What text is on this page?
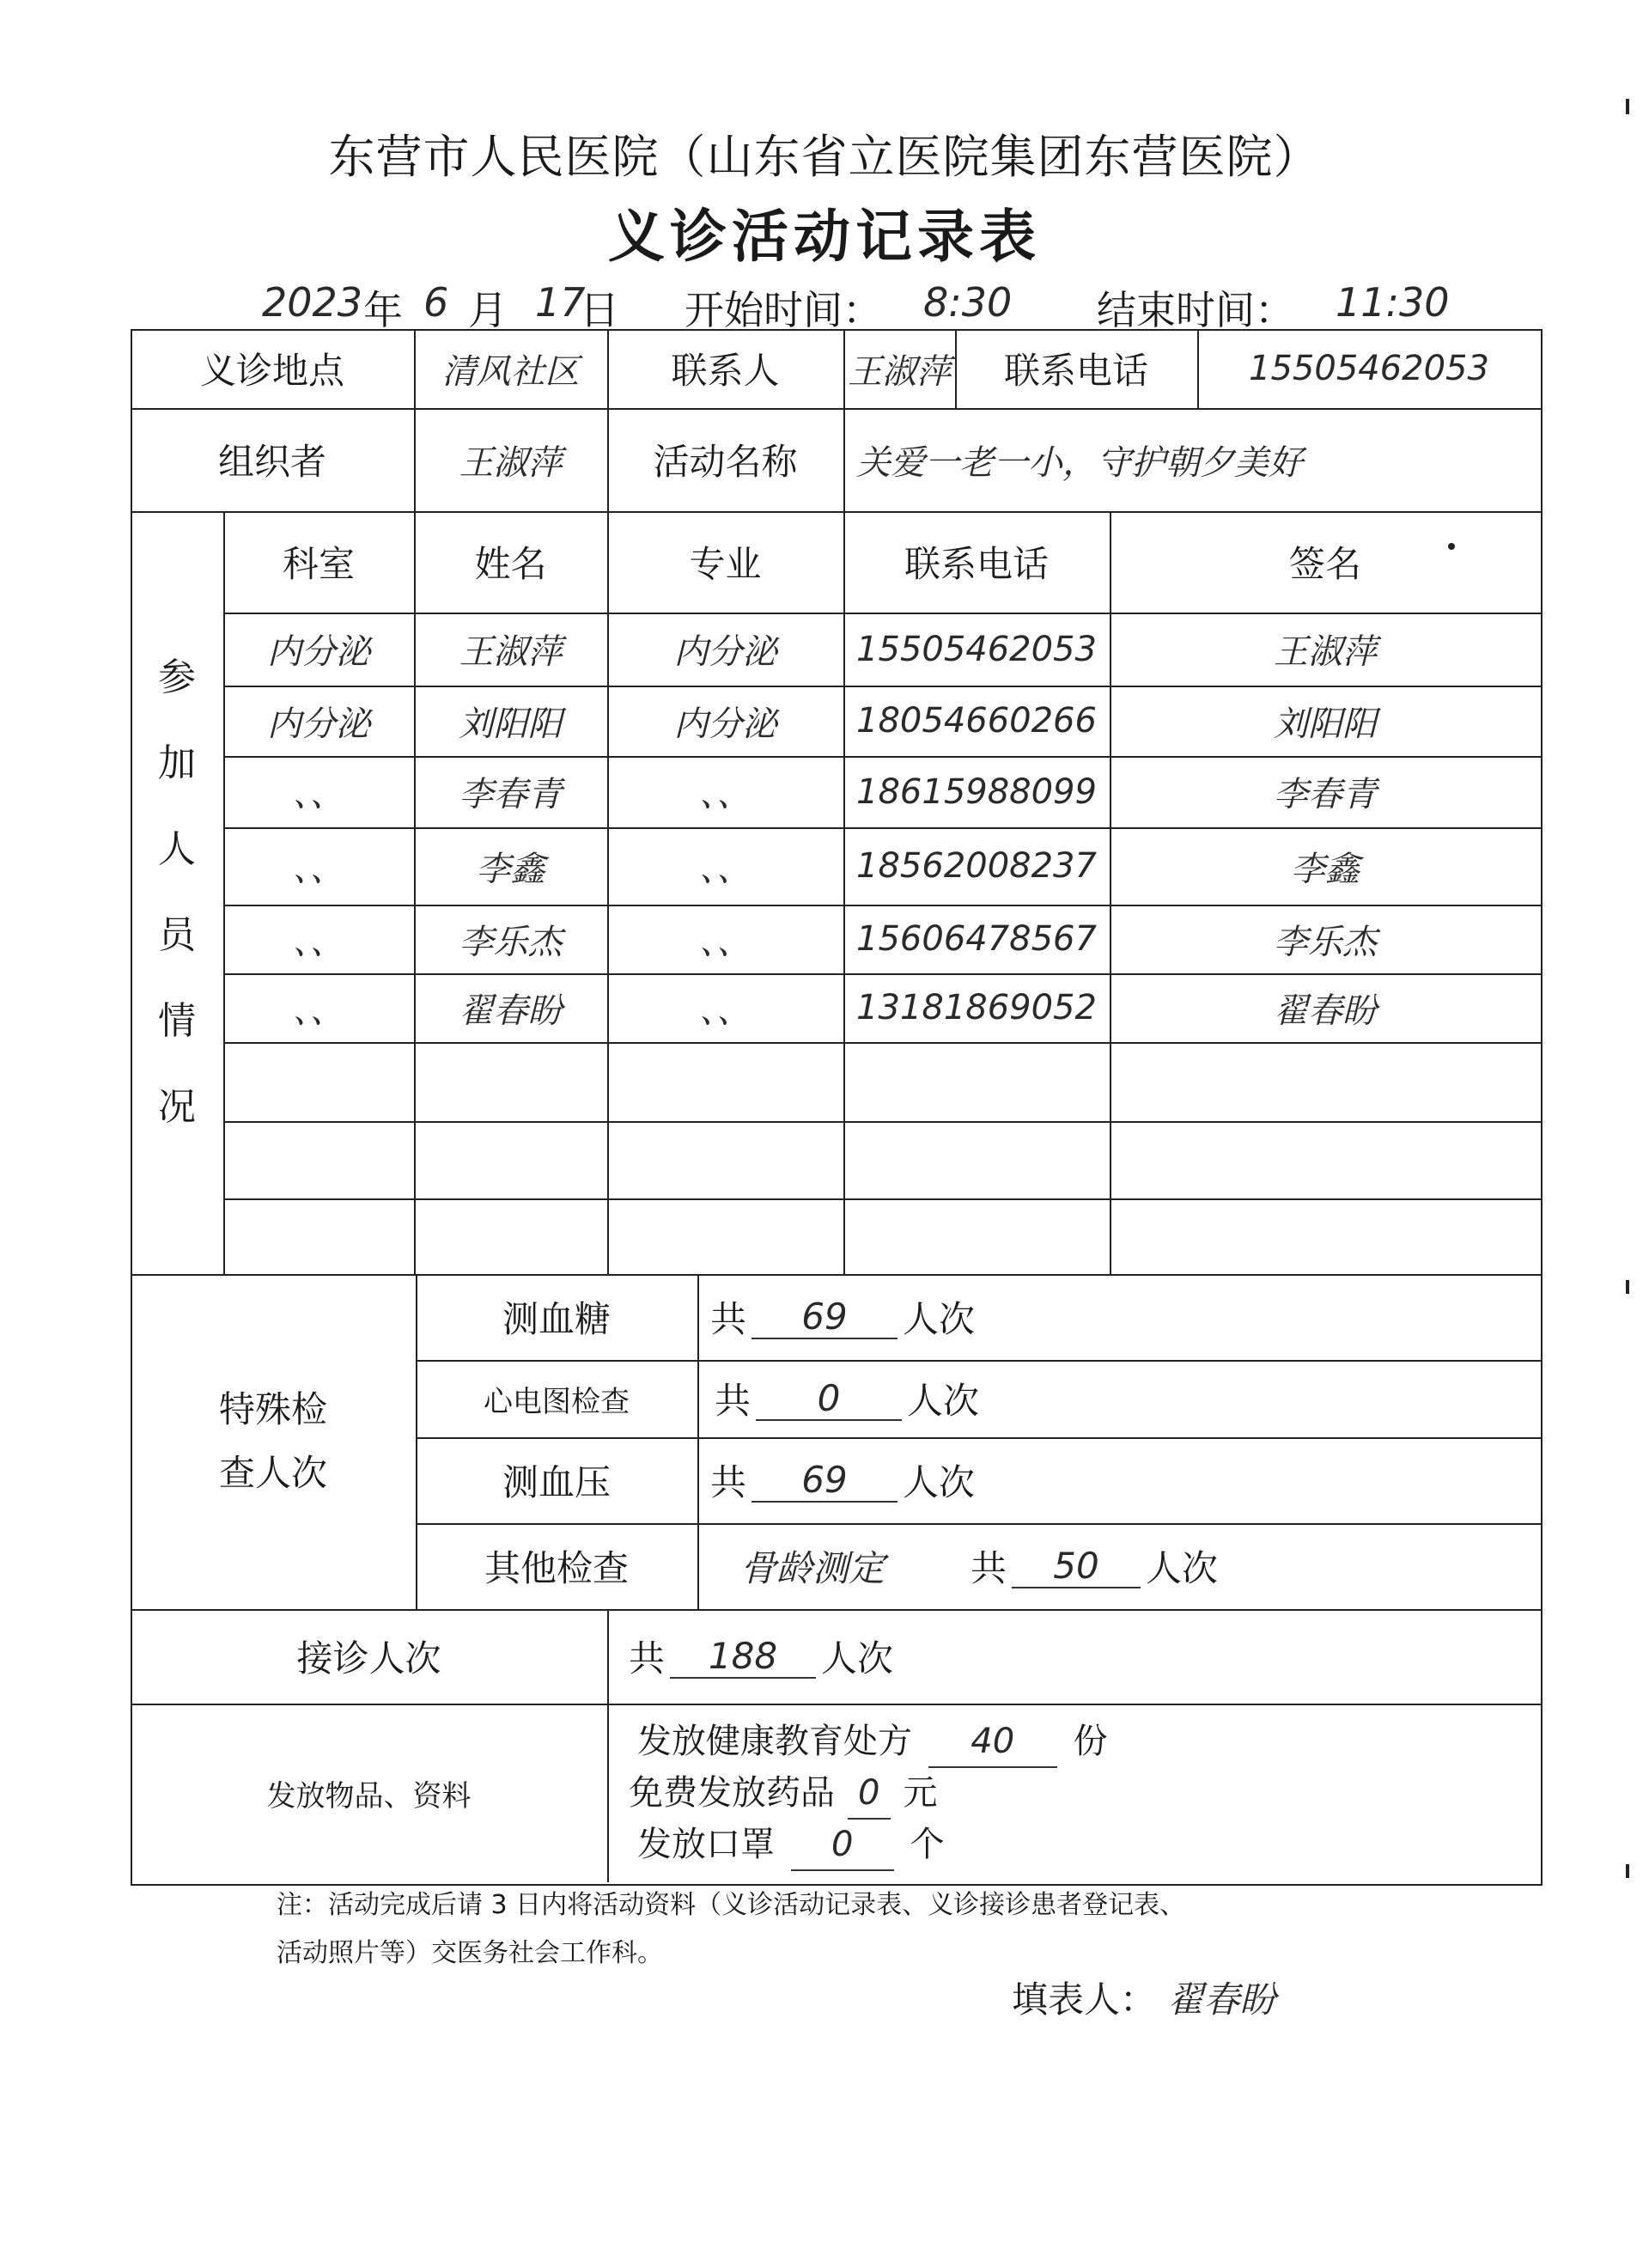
东营市人民医院（山东省立医院集团东营医院）
义诊活动记录表
2023 年 6 月 17
日 开始时间： 8:30 结束时间： 11:30
义诊地点	清风社区	联系人	王淑萍	联系电话	15505462053
组织者	王淑萍	活动名称	关爱一老一小，守护朝夕美好
参
加
人
员
情
况
科室	姓名	专业	联系电话	签名
内分泌	王淑萍	内分泌	15505462053	王淑萍
内分泌	刘阳阳	内分泌	18054660266	刘阳阳
、、	李春青	、、	18615988099	李春青
、、	李鑫	、、	18562008237	李鑫
、、	李乐杰	、、	15606478567	李乐杰
、、	翟春盼	、、	13181869052	翟春盼
特殊检
查人次
测血糖	共	69	人次
心电图检查	共	0	人次
测血压	共	69	人次
其他检查	骨龄测定 共	50	人次
接诊人次	共	188	人次
发放物品、资料
发放健康教育处方 40 份
免费发放药品 0 元
发放口罩 0 个
注：活动完成后请 3 日内将活动资料（义诊活动记录表、义诊接诊患者登记表、
活动照片等）交医务社会工作科。
填表人： 翟春盼
